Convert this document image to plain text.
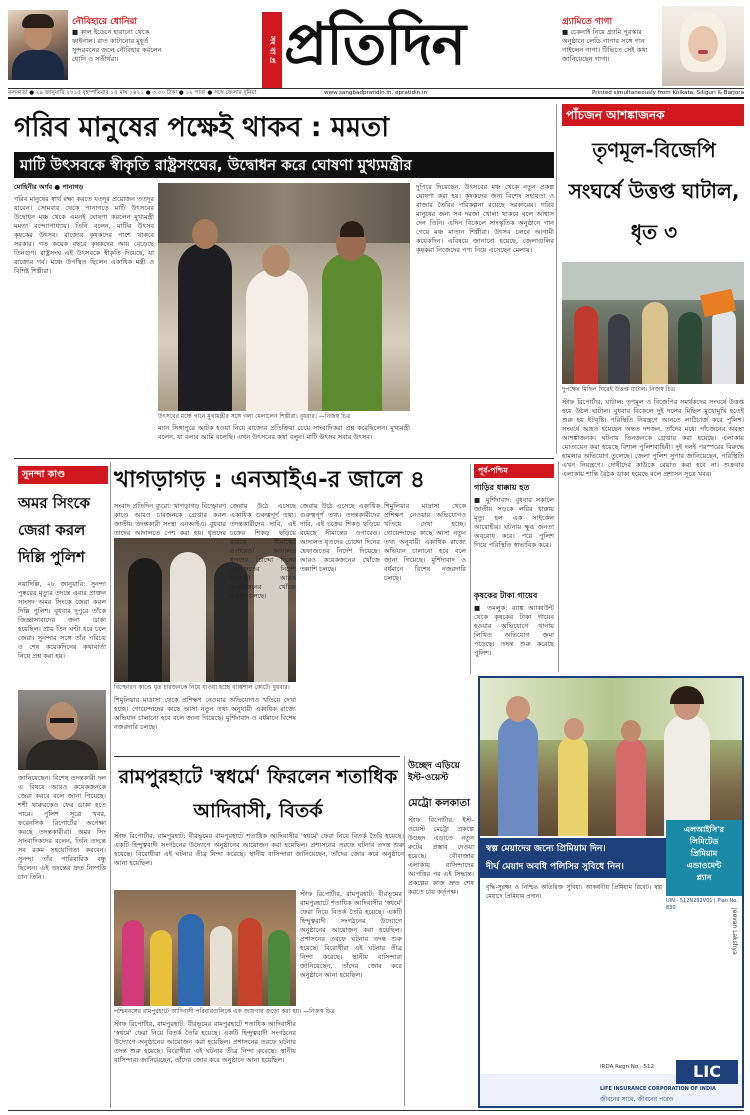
নৌবিহারে ধোনিরা
■ কাল ইডেনে হারানো থেকে ফাইনাল। রাত কাটানোর মুহূর্ত সুন্দরবনের জলে নৌবিহার করলেন ধোনি ও সতীর্থরা।	সং বা প্র প্রতিদিন	গ্র্যামিতে গাগা
■ চেকনাই নিয়ে গ্র্যামি পুরস্কার অনুষ্ঠানে লেডি গাগার সঙ্গে গান গাইলেন গাগা। টিভিতে সেই কথা জানিয়েছেন গাগা।
কলকাতা ● ২৯ জানুয়ারি ২০১৫ বৃহস্পতিবার ১৫ মাঘ ১৪২১ ● ৩.০০ টাকা ● ১২ পাতা ● সঙ্গে জেলার দুনিয়া	www.sangbadpratidin.in, epratidin.in	Printed simultaneously from Kolkata, Siliguri & Barjora
গরিব মানুষের পক্ষেই থাকব : মমতা
মাটি উৎসবকে স্বীকৃতি রাষ্ট্রসংঘের, উদ্বোধন করে ঘোষণা মুখ্যমন্ত্রীর
মোহিনীর অর্ণব ● পানাগড়
গরিব মানুষের স্বার্থ রক্ষা করতে যতদূর প্রয়োজন ততদূর যাবেন। সোমবার থেকে পানাগড়ে মাটি উৎসবের উদ্বোধন মঞ্চ থেকে এমনই ঘোষণা করলেন মুখ্যমন্ত্রী মমতা বন্দ্যোপাধ্যায়। তিনি বলেন, মাটির উৎসব কৃষকের উৎসব। রাজ্যের কৃষকদের পাশে থাকবে সরকার। গত কয়েক বছরে কৃষকদের আয় বেড়েছে তিনগুণ। রাষ্ট্রসংঘ এই উৎসবকে স্বীকৃতি দিয়েছে, যা রাজ্যের গর্ব। মঞ্চে উপস্থিত ছিলেন একাধিক মন্ত্রী ও বিশিষ্ট শিল্পীরা।
উৎসবের মঞ্চে গানে মুখ্যমন্ত্রীর সঙ্গে গলা মেলালেন শিল্পীরা। বুধবার। —নিজস্ব চিত্র
ম্যান সিঙ্গাপুরে আটক হওয়া নিয়ে রাজ্যের প্রতিক্রিয়া চেয়ে সাংবাদিকরা প্রশ্ন করেছিলেন। মুখ্যমন্ত্রী বলেন, যা বলার আমি বলেছি। এখন উৎসবের কথা বলুন। মাটি উৎসব সবার উৎসব।
দুপিরে দিয়েছেন, উৎসবের মঞ্চ থেকে নতুন প্রকল্প ঘোষণা করা হয়। কৃষকদের জন্য বিশেষ সহায়তা ও বাজার তৈরির পরিকল্পনা রয়েছে সরকারের। গরিব মানুষের জন্য সব দরজা খোলা থাকবে বলে আশ্বাস দেন তিনি। এদিন বিকেলে সাংস্কৃতিক অনুষ্ঠানে গান গেয়ে মঞ্চ মাতান শিল্পীরা। উৎসব চলবে আগামী কয়েকদিন। এবিষয়ে জানানো হয়েছে, জেলাগুলির কৃষকরা নিজেদের পণ্য নিয়ে এসেছেন মেলায়।
পাঁচজন আশঙ্কাজনক
তৃণমূল-বিজেপি সংঘর্ষে উত্তপ্ত ঘাটাল, ধৃত ৩
দুপক্ষের মিছিল ঘিরেই উত্তপ্ত ঘাটাল। নিজস্ব চিত্র
স্টাফ রিপোর্টার, ঘাটাল: তৃণমূল ও বিজেপির সমর্থকদের সংঘর্ষে উত্তপ্ত হয়ে উঠল ঘাটাল। বুধবার বিকেলে দুই দলের মিছিল মুখোমুখি হতেই শুরু হয় ইটবৃষ্টি। পরিস্থিতি নিয়ন্ত্রণে আনতে লাঠিচার্জ করে পুলিশ। সংঘর্ষে আহত হয়েছেন অন্তত দশজন, তাঁদের মধ্যে পাঁচজনের অবস্থা আশঙ্কাজনক। ঘটনায় তিনজনকে গ্রেপ্তার করা হয়েছে। এলাকায় মোতায়েন করা হয়েছে বিশাল পুলিশবাহিনী। দুই দলই পরস্পরের বিরুদ্ধে হামলার অভিযোগ তুলেছে। জেলা পুলিশ সুপার জানিয়েছেন, পরিস্থিতি এখন নিয়ন্ত্রণে। দোষীদের কাউকে রেয়াত করা হবে না। শুক্রবার এলাকায় শান্তি বৈঠক ডাকা হয়েছে বলে প্রশাসন সূত্রে খবর।
সুনন্দা কাণ্ড
অমর সিংকে জেরা করল দিল্লি পুলিশ
নয়াদিল্লি, ২৮ জানুয়ারি: সুনন্দা পুষ্করের মৃত্যুর তদন্তে এবার প্রাক্তন সাংসদ অমর সিংকে জেরা করল দিল্লি পুলিশ। বুধবার দুপুরে তাঁকে জিজ্ঞাসাবাদের জন্য ডাকা হয়েছিল। প্রায় তিন ঘণ্টা ধরে চলে জেরা। সুনন্দার সঙ্গে তাঁর পরিচয় ও শেষ কয়েকদিনের কথাবার্তা নিয়ে প্রশ্ন করা হয়।
জানিয়েছেন। বিশেষ তদন্তকারী দল এ বিষয়ে আরও কয়েকজনকে জেরা করবে বলে জানা গিয়েছে। শশী থারুরকেও ফের ডাকা হতে পারে। পুলিশ সূত্রে খবর, ফরেনসিক রিপোর্টের অপেক্ষা করছে তদন্তকারীরা। অমর সিং সাংবাদিকদের বলেন, তিনি তদন্তে সব রকম সহযোগিতা করবেন। সুনন্দা তাঁর পারিবারিক বন্ধু ছিলেন। এই তদন্তের দ্রুত নিষ্পত্তি চান তিনি।
খাগড়াগড় : এনআইএ-র জালে ৪
সংবাদ প্রতিদিন ব্যুরো: খাগড়াগড় বিস্ফোরণ কাণ্ডে আরও চারজনকে গ্রেপ্তার করল জাতীয় তদন্তকারী সংস্থা এনআইএ। বুধবার তাদের আদালতে পেশ করা হয়। ধৃতদের
বিস্ফোরণ কাণ্ডে ধৃত চারজনকে নিয়ে যাওয়া হচ্ছে ব্যাঙ্কশাল কোর্টে। বুধবার।
জেরায় উঠে এসেছে একাধিক গুরুত্বপূর্ণ তথ্য। তদন্তকারীদের দাবি, এই চক্রের শিকড় ছড়িয়ে রয়েছে সীমান্তের ওপারেও। আদালত ধৃতদের চোদ্দো দিনের হেফাজতের নির্দেশ দিয়েছে। আরও কয়েকজনের খোঁজে তল্লাশি চলছে।
শিমুলিয়ার মাদ্রাসা থেকে প্রশিক্ষণ নেওয়ার অভিযোগও খতিয়ে দেখা হচ্ছে। গোয়েন্দাদের কাছে আসা নতুন তথ্য অনুযায়ী একাধিক রাজ্যে অভিযান চালানো হবে বলে জানা গিয়েছে। মুর্শিদাবাদ ও বর্ধমানে বিশেষ নজরদারি চলছে।
জেরায় উঠে এসেছে একাধিক গুরুত্বপূর্ণ তথ্য। তদন্তকারীদের দাবি, এই চক্রের শিকড় ছড়িয়ে রয়েছে সীমান্তের ওপারেও। আদালত ধৃতদের চোদ্দো দিনের হেফাজতের নির্দেশ দিয়েছে। আরও কয়েকজনের খোঁজে তল্লাশি চলছে।
শিমুলিয়ার মাদ্রাসা থেকে প্রশিক্ষণ নেওয়ার অভিযোগও খতিয়ে দেখা হচ্ছে। গোয়েন্দাদের কাছে আসা নতুন তথ্য অনুযায়ী একাধিক রাজ্যে অভিযান চালানো হবে বলে জানা গিয়েছে। মুর্শিদাবাদ ও বর্ধমানে বিশেষ নজরদারি চলছে।
পূর্ব-পশ্চিম
গাড়ির ধাক্কায় হত
■ মুর্শিদাবাদ: বুধবার সকালে জাতীয় সড়কে লরির ধাক্কায় মৃত্যু হল এক সাইকেল আরোহীর। ঘটনায় ক্ষুব্ধ জনতা অবরোধ করে। পরে পুলিশ গিয়ে পরিস্থিতি স্বাভাবিক করে।
কৃষকের টাকা গায়েব
■ তমলুক: ব্যাঙ্ক অ্যাকাউন্ট থেকে কৃষকের টাকা গায়েব হওয়ার অভিযোগে থানায় লিখিত অভিযোগ জমা পড়েছে। তদন্ত শুরু করেছে পুলিশ।
রামপুরহাটে 'স্বধর্মে' ফিরলেন শতাধিক আদিবাসী, বিতর্ক
স্টাফ রিপোর্টার, রামপুরহাট: বীরভূমের রামপুরহাটে শতাধিক আদিবাসীর 'স্বধর্মে' ফেরা নিয়ে বিতর্ক তৈরি হয়েছে। একটি হিন্দুত্ববাদী সংগঠনের উদ্যোগে অনুষ্ঠানের আয়োজন করা হয়েছিল। প্রশাসনের তরফে ঘটনার তদন্ত শুরু হয়েছে। বিরোধীরা এই ঘটনার তীব্র নিন্দা করেছে। স্থানীয় বাসিন্দারা জানিয়েছেন, তাঁদের জোর করে অনুষ্ঠানে আনা হয়েছিল।
পশ্চিমবঙ্গের রামপুরহাটে আদিবাসী পরিবারগুলিকে এক জায়গায় জড়ো করা হয়। —নিজস্ব চিত্র
স্টাফ রিপোর্টার, রামপুরহাট: বীরভূমের রামপুরহাটে শতাধিক আদিবাসীর 'স্বধর্মে' ফেরা নিয়ে বিতর্ক তৈরি হয়েছে। একটি হিন্দুত্ববাদী সংগঠনের উদ্যোগে অনুষ্ঠানের আয়োজন করা হয়েছিল। প্রশাসনের তরফে ঘটনার তদন্ত শুরু হয়েছে। বিরোধীরা এই ঘটনার তীব্র নিন্দা করেছে। স্থানীয় বাসিন্দারা জানিয়েছেন, তাঁদের জোর করে অনুষ্ঠানে আনা হয়েছিল।
স্টাফ রিপোর্টার, রামপুরহাট: বীরভূমের রামপুরহাটে শতাধিক আদিবাসীর 'স্বধর্মে' ফেরা নিয়ে বিতর্ক তৈরি হয়েছে। একটি হিন্দুত্ববাদী সংগঠনের উদ্যোগে অনুষ্ঠানের আয়োজন করা হয়েছিল। প্রশাসনের তরফে ঘটনার তদন্ত শুরু হয়েছে। বিরোধীরা এই ঘটনার তীব্র নিন্দা করেছে। স্থানীয় বাসিন্দারা জানিয়েছেন, তাঁদের জোর করে অনুষ্ঠানে আনা হয়েছিল।
উচ্ছেদ এড়িয়ে ইস্ট-ওয়েস্ট
মেট্রো কলকাতা
স্টাফ রিপোর্টার: ইস্ট-ওয়েস্ট মেট্রো প্রকল্পে উচ্ছেদ এড়াতে নতুন রুটের প্রস্তাব দেওয়া হয়েছে। বৌবাজার এলাকায় বাসিন্দাদের আপত্তির পর এই সিদ্ধান্ত। প্রকল্পের কাজ দ্রুত শেষ করতে চায় কর্তৃপক্ষ।
এলআইসি'র
লিমিটেড
প্রিমিয়াম
এন্ডাওমেন্ট
প্ল্যান
স্বল্প মেয়াদের জন্যে প্রিমিয়াম দিন।
দীর্ঘ মেয়াদ অবধি পলিসির সুবিধে নিন।
UIN - 512N292V01 | Plan No. 830
বৃদ্ধি-সুরক্ষা ও নিশ্চিত অতিরিক্ত সুবিধা। আকর্ষণীয় প্রিমিয়াম রিবেট। স্বল্প মেয়াদে প্রিমিয়াম প্রদান।
Jeevan Lakshya
IRDA Regn No.: 512	LIC
LIFE INSURANCE CORPORATION OF INDIA
জীবনের সাথে, জীবনের পরেও
